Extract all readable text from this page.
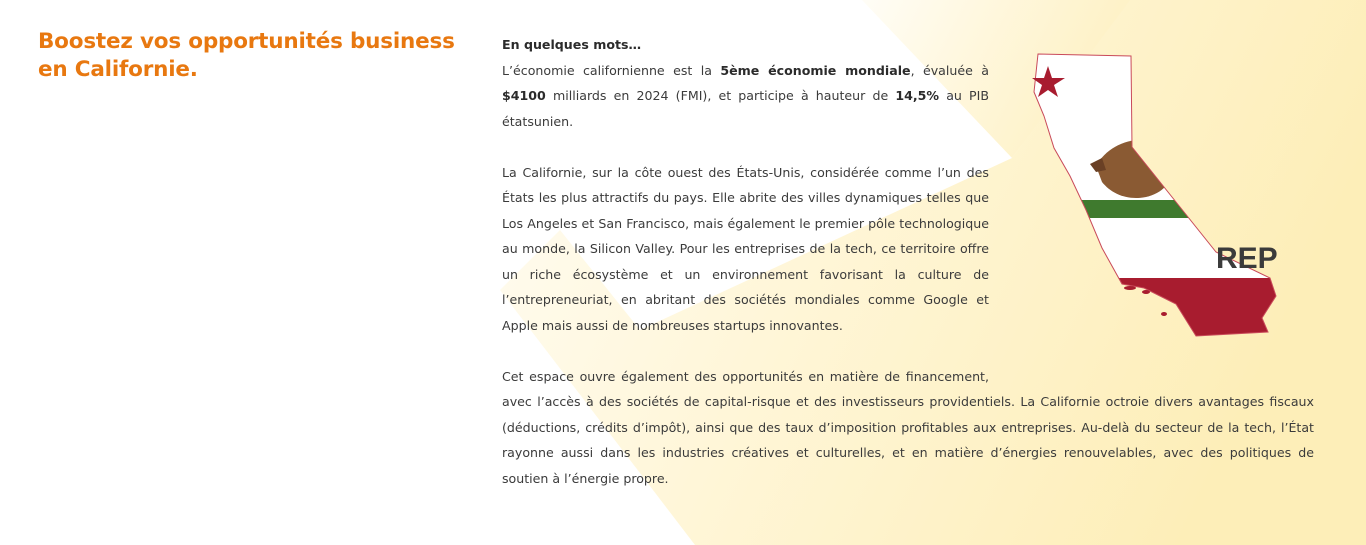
Boostez vos opportunités business en Californie.
REP

En quelques mots…

L’économie californienne est la 5ème économie mondiale, évaluée à $4100 milliards en 2024 (FMI), et participe à hauteur de 14,5% au PIB étatsunien.

La Californie, sur la côte ouest des États-Unis, considérée comme l’un des États les plus attractifs du pays. Elle abrite des villes dynamiques telles que Los Angeles et San Francisco, mais également le premier pôle technologique au monde, la Silicon Valley. Pour les entreprises de la tech, ce territoire offre un riche écosystème et un environnement favorisant la culture de l’entrepreneuriat, en abritant des sociétés mondiales comme Google et Apple mais aussi de nombreuses startups innovantes.

Cet espace ouvre également des opportunités en matière de financement,
avec l’accès à des sociétés de capital-risque et des investisseurs providentiels. La Californie octroie divers avantages fiscaux (déductions, crédits d’impôt), ainsi que des taux d’imposition profitables aux entreprises. Au-delà du secteur de la tech, l’État rayonne aussi dans les industries créatives et culturelles, et en matière d’énergies renouvelables, avec des politiques de soutien à l’énergie propre.
